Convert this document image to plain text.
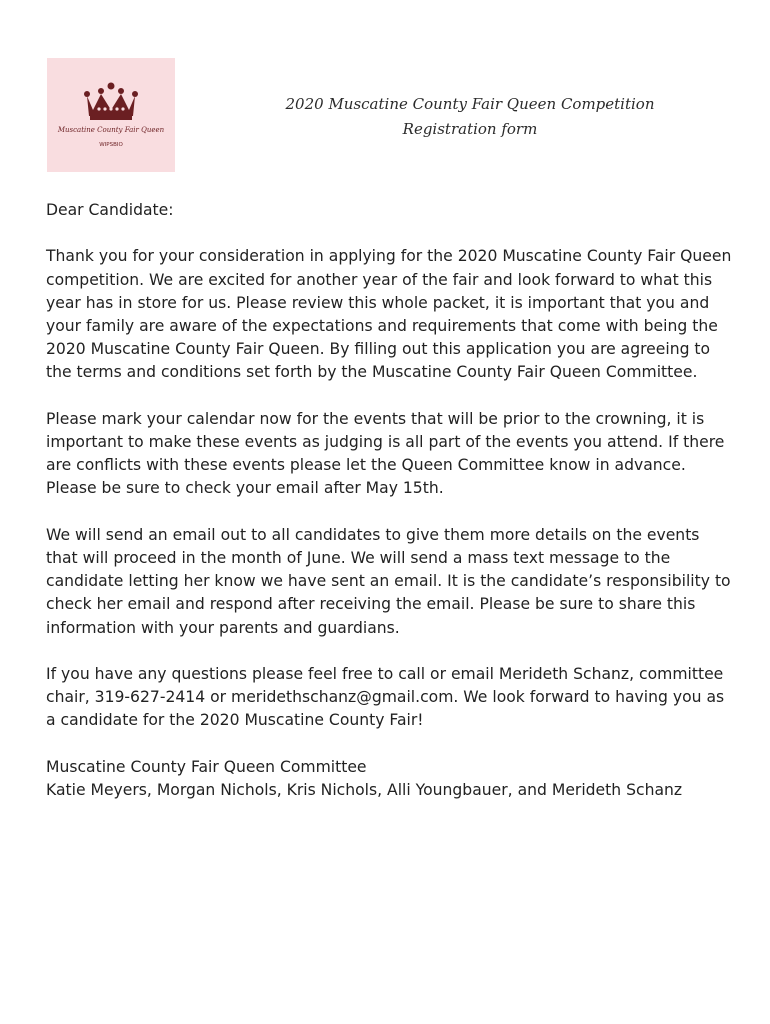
Muscatine County Fair Queen
WIPSBIO
2020 Muscatine County Fair Queen Competition
Registration form

Dear Candidate:

Thank you for your consideration in applying for the 2020 Muscatine County Fair Queen competition. We are excited for another year of the fair and look forward to what this year has in store for us. Please review this whole packet, it is important that you and your family are aware of the expectations and requirements that come with being the 2020 Muscatine County Fair Queen. By filling out this application you are agreeing to the terms and conditions set forth by the Muscatine County Fair Queen Committee.

Please mark your calendar now for the events that will be prior to the crowning, it is important to make these events as judging is all part of the events you attend. If there are conflicts with these events please let the Queen Committee know in advance. Please be sure to check your email after May 15th.

We will send an email out to all candidates to give them more details on the events that will proceed in the month of June. We will send a mass text message to the candidate letting her know we have sent an email. It is the candidate’s responsibility to check her email and respond after receiving the email. Please be sure to share this information with your parents and guardians.

If you have any questions please feel free to call or email Merideth Schanz, committee chair, 319-627-2414 or meridethschanz@gmail.com. We look forward to having you as a candidate for the 2020 Muscatine County Fair!

Muscatine County Fair Queen Committee

Katie Meyers, Morgan Nichols, Kris Nichols, Alli Youngbauer, and Merideth Schanz
